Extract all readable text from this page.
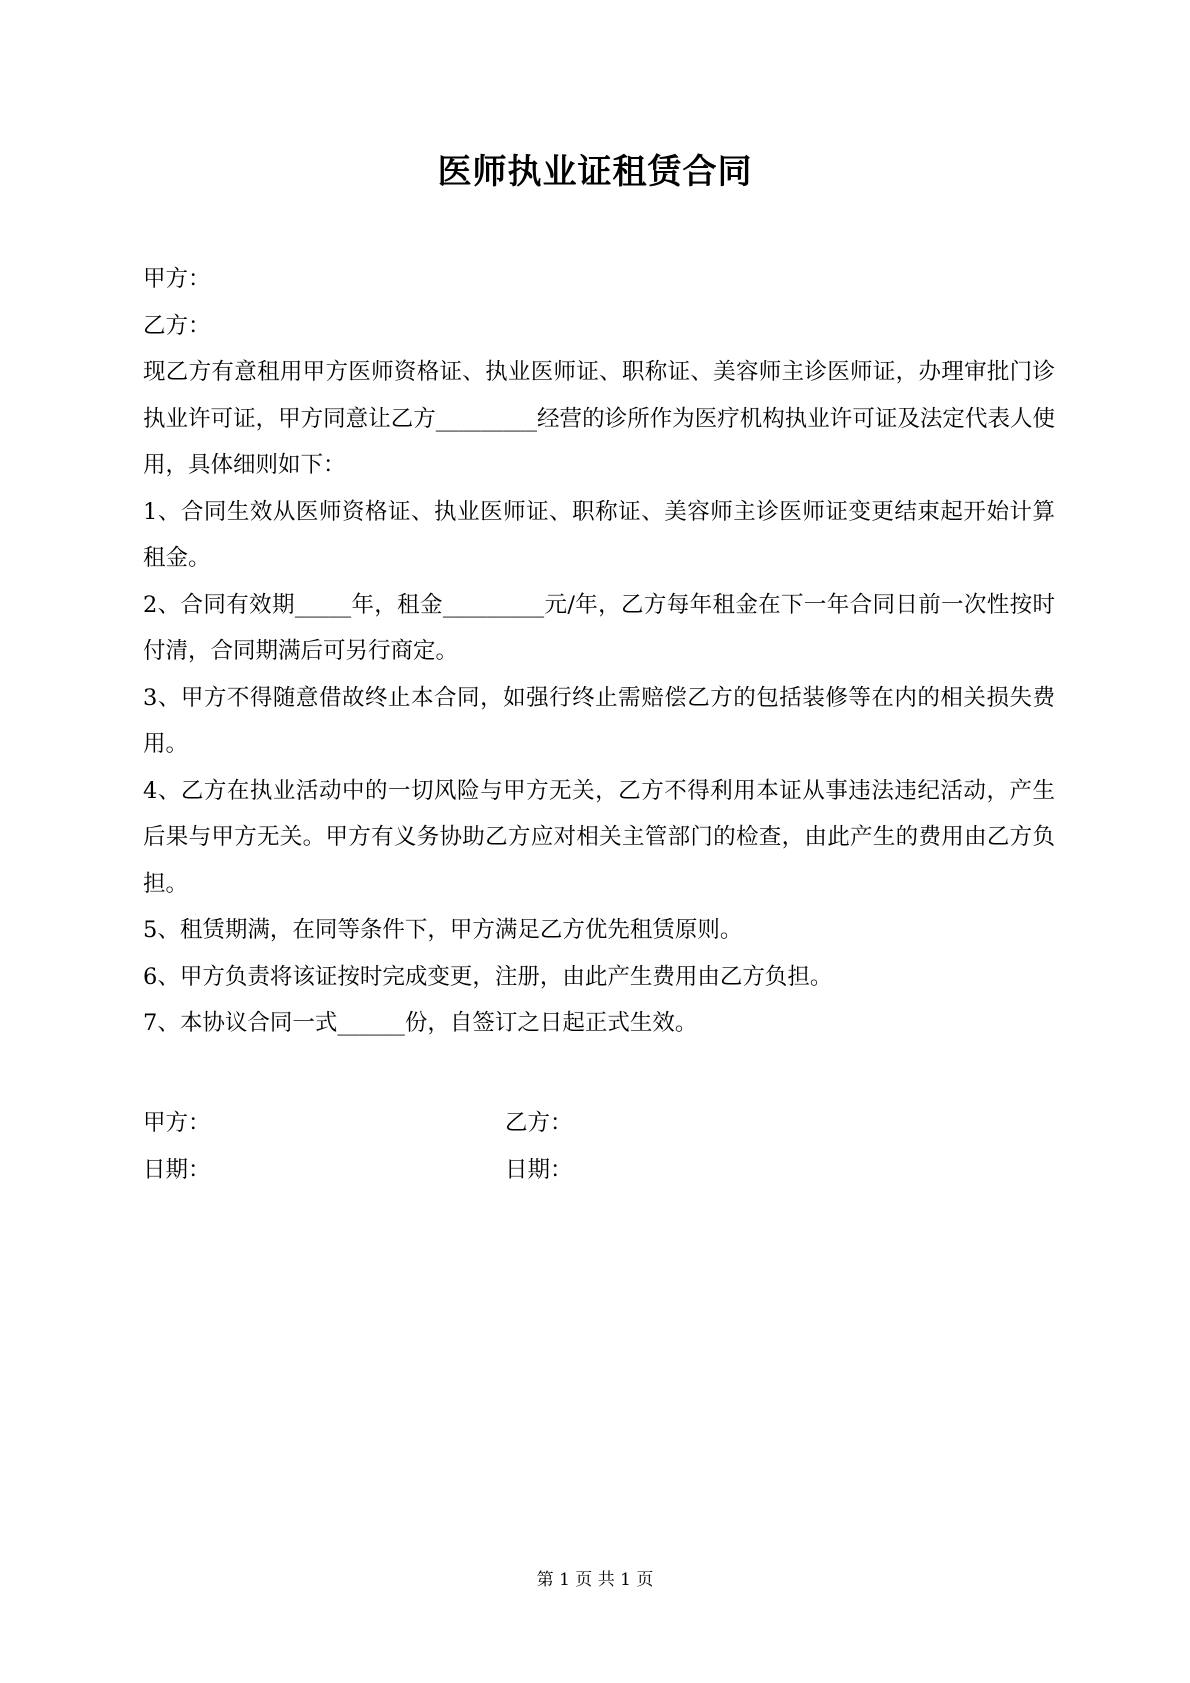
医师执业证租赁合同

甲方：

乙方：

现乙方有意租用甲方医师资格证、执业医师证、职称证、美容师主诊医师证，办理审批门诊执业许可证，甲方同意让乙方_________经营的诊所作为医疗机构执业许可证及法定代表人使用，具体细则如下：

1、合同生效从医师资格证、执业医师证、职称证、美容师主诊医师证变更结束起开始计算租金。

2、合同有效期_____年，租金_________元/年，乙方每年租金在下一年合同日前一次性按时付清，合同期满后可另行商定。

3、甲方不得随意借故终止本合同，如强行终止需赔偿乙方的包括装修等在内的相关损失费用。

4、乙方在执业活动中的一切风险与甲方无关，乙方不得利用本证从事违法违纪活动，产生后果与甲方无关。甲方有义务协助乙方应对相关主管部门的检查，由此产生的费用由乙方负担。

5、租赁期满，在同等条件下，甲方满足乙方优先租赁原则。

6、甲方负责将该证按时完成变更，注册，由此产生费用由乙方负担。

7、本协议合同一式______份，自签订之日起正式生效。

甲方：	乙方：
日期：	日期：
第 1 页 共 1 页
